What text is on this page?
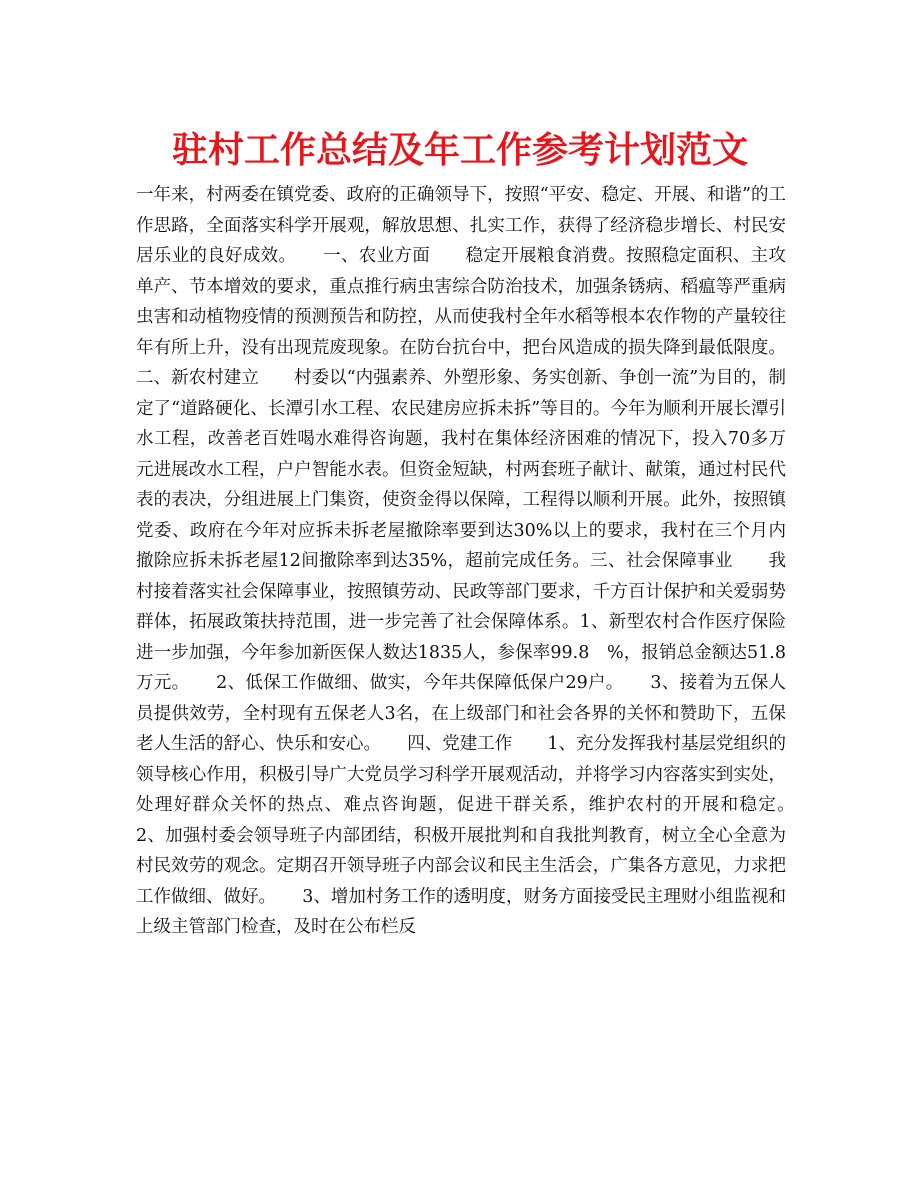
驻村工作总结及年工作参考计划范文

一年来，村两委在镇党委、政府的正确领导下，按照“平安、稳定、开展、和谐”的工作思路，全面落实科学开展观，解放思想、扎实工作，获得了经济稳步增长、村民安居乐业的良好成效。　　一、农业方面　　稳定开展粮食消费。按照稳定面积、主攻单产、节本增效的要求，重点推行病虫害综合防治技术，加强条锈病、稻瘟等严重病虫害和动植物疫情的预测预告和防控，从而使我村全年水稻等根本农作物的产量较往年有所上升，没有出现荒废现象。在防台抗台中，把台风造成的损失降到最低限度。二、新农村建立　　村委以“内强素养、外塑形象、务实创新、争创一流”为目的，制定了“道路硬化、长潭引水工程、农民建房应拆未拆”等目的。今年为顺利开展长潭引水工程，改善老百姓喝水难得咨询题，我村在集体经济困难的情况下，投入70多万元进展改水工程，户户智能水表。但资金短缺，村两套班子献计、献策，通过村民代表的表决，分组进展上门集资，使资金得以保障，工程得以顺利开展。此外，按照镇党委、政府在今年对应拆未拆老屋撤除率要到达30%以上的要求，我村在三个月内撤除应拆未拆老屋12间撤除率到达35%，超前完成任务。三、社会保障事业　　我村接着落实社会保障事业，按照镇劳动、民政等部门要求，千方百计保护和关爱弱势群体，拓展政策扶持范围，进一步完善了社会保障体系。1、新型农村合作医疗保险进一步加强，今年参加新医保人数达1835人，参保率99.8　%，报销总金额达51.8万元。　　2、低保工作做细、做实，今年共保障低保户29户。　　3、接着为五保人员提供效劳，全村现有五保老人3名，在上级部门和社会各界的关怀和赞助下，五保老人生活的舒心、快乐和安心。　　四、党建工作　　1、充分发挥我村基层党组织的领导核心作用，积极引导广大党员学习科学开展观活动，并将学习内容落实到实处，处理好群众关怀的热点、难点咨询题，促进干群关系，维护农村的开展和稳定。　　2、加强村委会领导班子内部团结，积极开展批判和自我批判教育，树立全心全意为村民效劳的观念。定期召开领导班子内部会议和民主生活会，广集各方意见，力求把工作做细、做好。　　3、增加村务工作的透明度，财务方面接受民主理财小组监视和上级主管部门检查，及时在公布栏反
